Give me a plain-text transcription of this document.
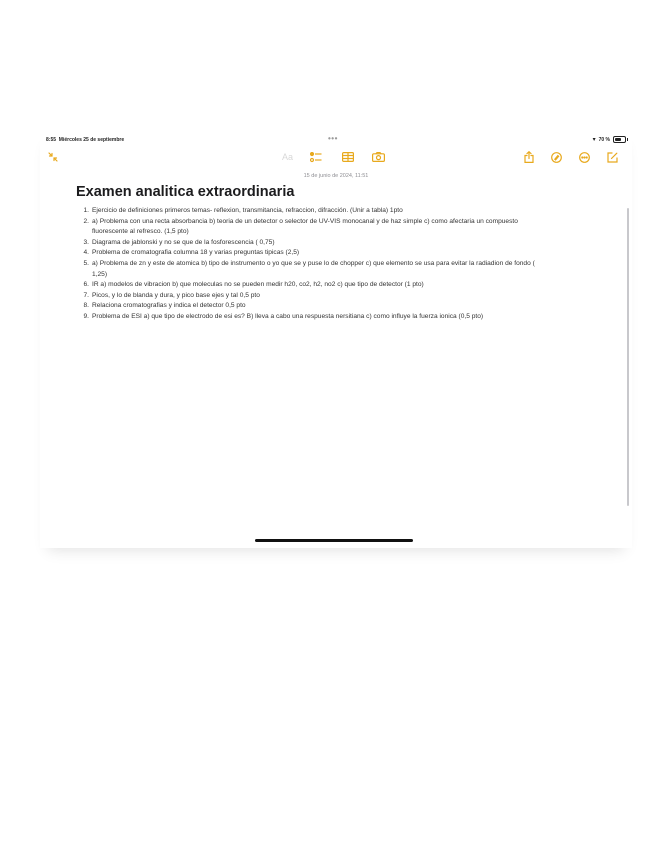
8:55 Miércoles 25 de septiembre	•••	▾ 70 %
Aa
15 de junio de 2024, 11:51
Examen analitica extraordinaria
1. Ejercicio de definiciones primeros temas- reflexion, transmitancia, refraccion, difracción. (Unir a tabla) 1pto
2. a) Problema con una recta absorbancia b) teoria de un detector o selector de UV-VIS monocanal y de haz simple c) como afectaria un compuesto fluorescente al refresco. (1,5 pto)
3. Diagrama de jablonski y no se que de la fosforescencia ( 0,75)
4. Problema de cromatografia columna 18 y varias preguntas tipicas (2,5)
5. a) Problema de zn y este de atomica b) tipo de instrumento o yo que se y puse lo de chopper c) que elemento se usa para evitar la radiadion de fondo ( 1,25)
6. IR a) modelos de vibracion b) que moleculas no se pueden medir h20, co2, h2, no2 c) que tipo de detector (1 pto)
7. Picos, y lo de blanda y dura, y pico base ejes y tal 0,5 pto
8. Relaciona cromatografias y indica el detector 0,5 pto
9. Problema de ESI a) que tipo de electrodo de esi es? B) lleva a cabo una respuesta nersitiana c) como influye la fuerza ionica (0,5 pto)
